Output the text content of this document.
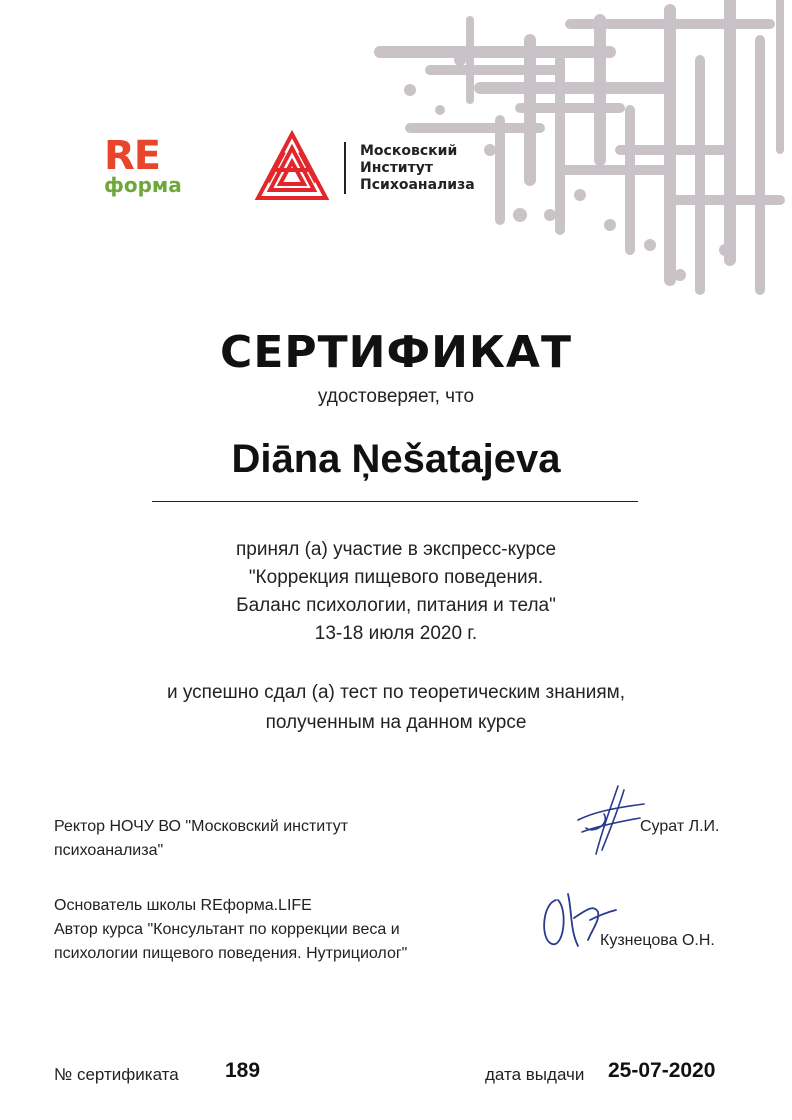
RE
форма
Московский
Институт
Психоанализа
СЕРТИФИКАТ
удостоверяет, что
Diāna Ņešatajeva
принял (а) участие в экспресс-курсе
"Коррекция пищевого поведения.
Баланс психологии, питания и тела"
13-18 июля 2020 г.
и успешно сдал (а) тест по теоретическим знаниям,
полученным на данном курсе
Ректор НОЧУ ВО "Московский институт
психоанализа"
Сурат Л.И.
Основатель школы REформа.LIFE
Автор курса "Консультант по коррекции веса и
психологии пищевого поведения. Нутрициолог"
Кузнецова О.Н.
№ сертификата 189	дата выдачи 25-07-2020
